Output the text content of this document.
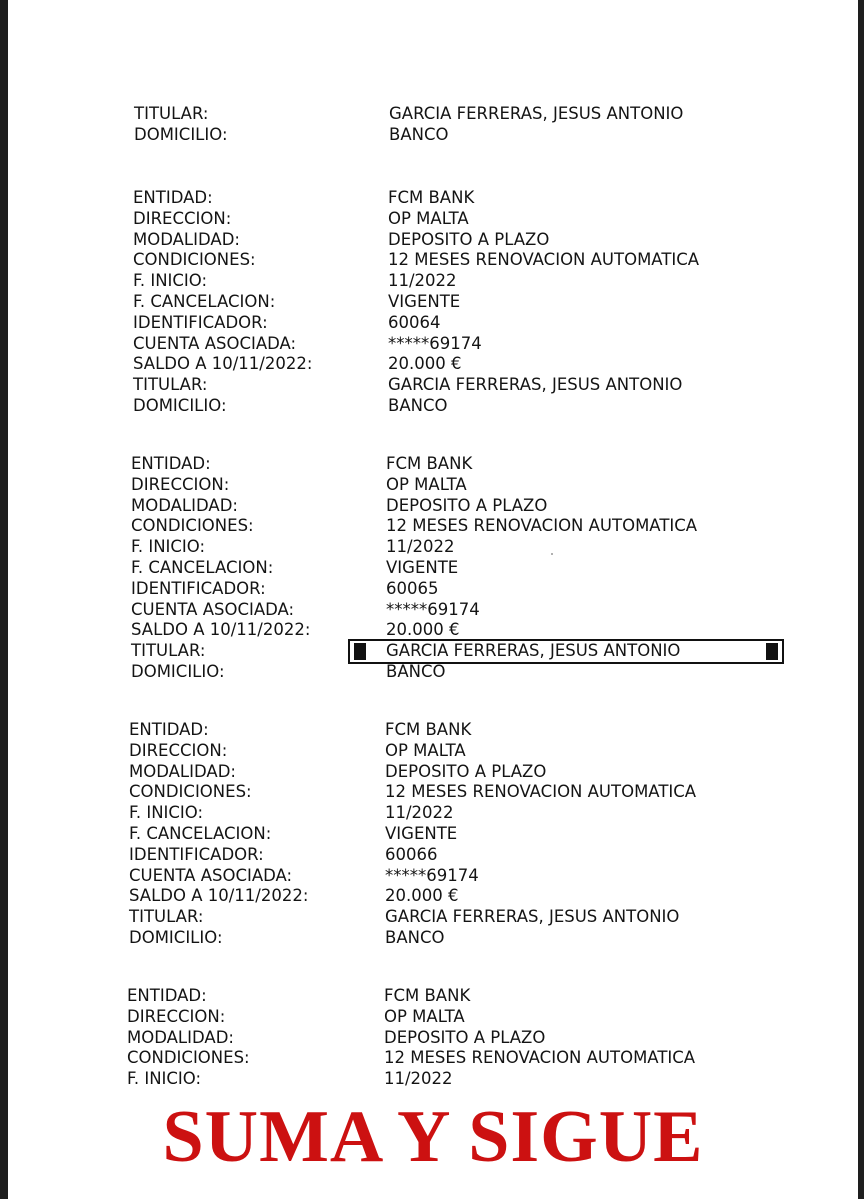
SUMA Y SIGUE
TITULAR:	GARCIA FERRERAS, JESUS ANTONIO
DOMICILIO:	BANCO
ENTIDAD:	FCM BANK
DIRECCION:	OP MALTA
MODALIDAD:	DEPOSITO A PLAZO
CONDICIONES:	12 MESES RENOVACION AUTOMATICA
F. INICIO:	11/2022
F. CANCELACION:	VIGENTE
IDENTIFICADOR:	60064
CUENTA ASOCIADA:	*****69174
SALDO A 10/11/2022:	20.000 €
TITULAR:	GARCIA FERRERAS, JESUS ANTONIO
DOMICILIO:	BANCO
ENTIDAD:	FCM BANK
DIRECCION:	OP MALTA
MODALIDAD:	DEPOSITO A PLAZO
CONDICIONES:	12 MESES RENOVACION AUTOMATICA
F. INICIO:	11/2022
F. CANCELACION:	VIGENTE
IDENTIFICADOR:	60065
CUENTA ASOCIADA:	*****69174
SALDO A 10/11/2022:	20.000 €
TITULAR:	GARCIA FERRERAS, JESUS ANTONIO
DOMICILIO:	BANCO
ENTIDAD:	FCM BANK
DIRECCION:	OP MALTA
MODALIDAD:	DEPOSITO A PLAZO
CONDICIONES:	12 MESES RENOVACION AUTOMATICA
F. INICIO:	11/2022
F. CANCELACION:	VIGENTE
IDENTIFICADOR:	60066
CUENTA ASOCIADA:	*****69174
SALDO A 10/11/2022:	20.000 €
TITULAR:	GARCIA FERRERAS, JESUS ANTONIO
DOMICILIO:	BANCO
ENTIDAD:	FCM BANK
DIRECCION:	OP MALTA
MODALIDAD:	DEPOSITO A PLAZO
CONDICIONES:	12 MESES RENOVACION AUTOMATICA
F. INICIO:	11/2022
